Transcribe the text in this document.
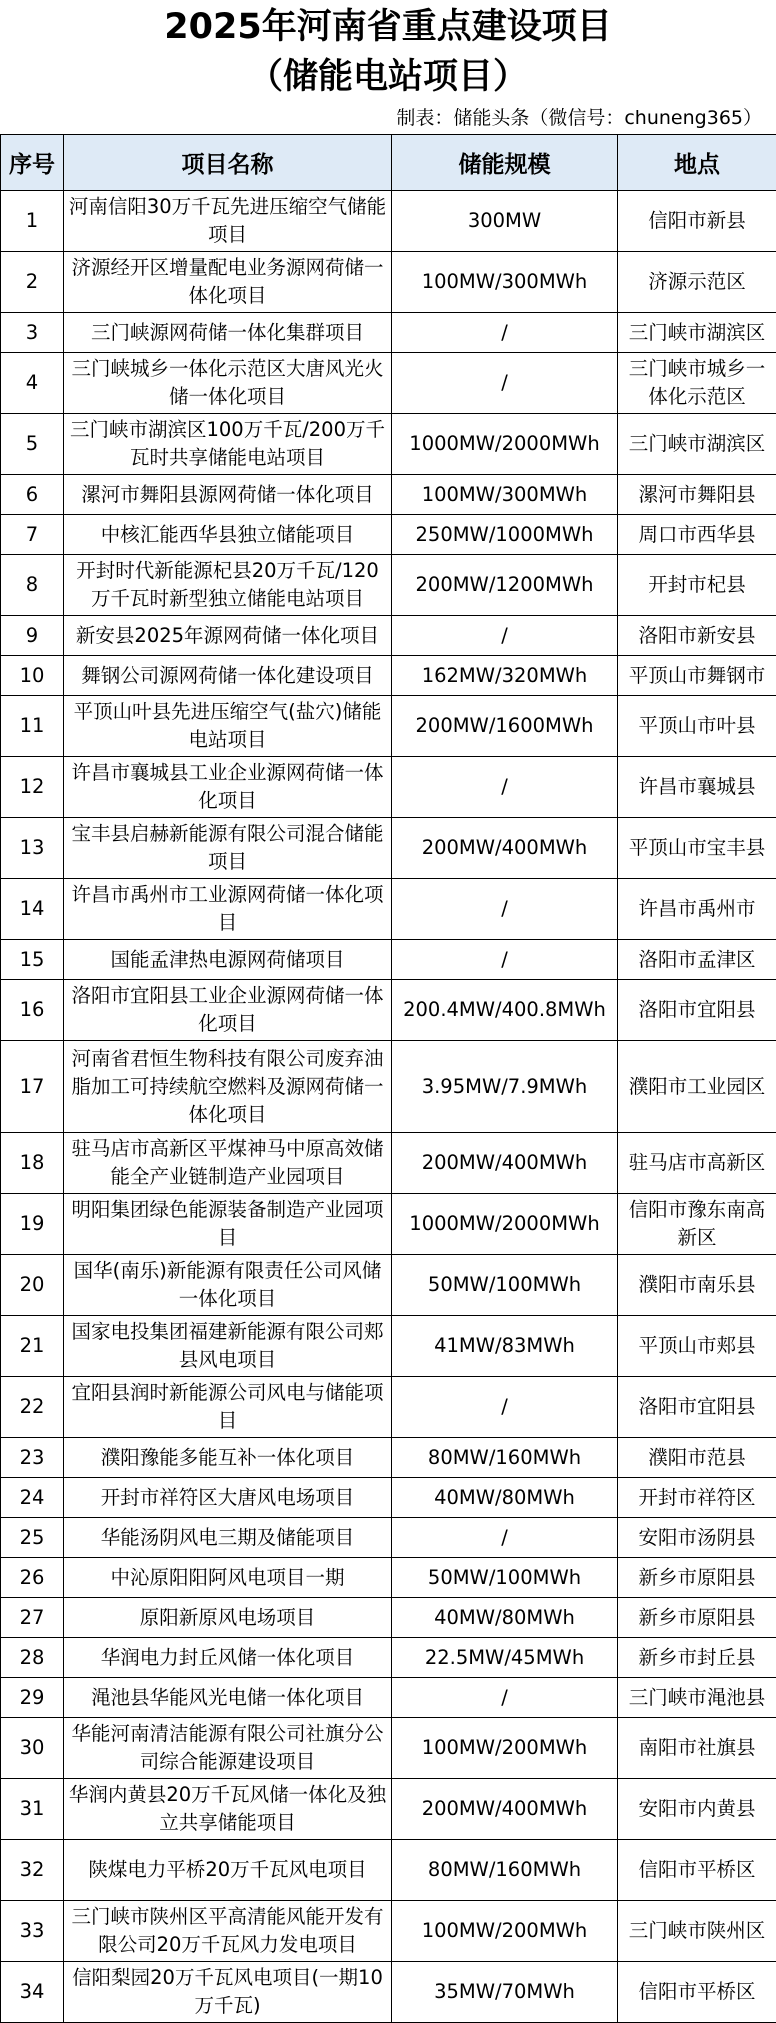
2025年河南省重点建设项目
（储能电站项目）
制表：储能头条（微信号：chuneng365）
序号	项目名称	储能规模	地点
1	河南信阳30万千瓦先进压缩空气储能项目	300MW	信阳市新县
2	济源经开区增量配电业务源网荷储一体化项目	100MW/300MWh	济源示范区
3	三门峡源网荷储一体化集群项目	/	三门峡市湖滨区
4	三门峡城乡一体化示范区大唐风光火储一体化项目	/	三门峡市城乡一体化示范区
5	三门峡市湖滨区100万千瓦/200万千瓦时共享储能电站项目	1000MW/2000MWh	三门峡市湖滨区
6	漯河市舞阳县源网荷储一体化项目	100MW/300MWh	漯河市舞阳县
7	中核汇能西华县独立储能项目	250MW/1000MWh	周口市西华县
8	开封时代新能源杞县20万千瓦/120万千瓦时新型独立储能电站项目	200MW/1200MWh	开封市杞县
9	新安县2025年源网荷储一体化项目	/	洛阳市新安县
10	舞钢公司源网荷储一体化建设项目	162MW/320MWh	平顶山市舞钢市
11	平顶山叶县先进压缩空气(盐穴)储能电站项目	200MW/1600MWh	平顶山市叶县
12	许昌市襄城县工业企业源网荷储一体化项目	/	许昌市襄城县
13	宝丰县启赫新能源有限公司混合储能项目	200MW/400MWh	平顶山市宝丰县
14	许昌市禹州市工业源网荷储一体化项目	/	许昌市禹州市
15	国能孟津热电源网荷储项目	/	洛阳市孟津区
16	洛阳市宜阳县工业企业源网荷储一体化项目	200.4MW/400.8MWh	洛阳市宜阳县
17	河南省君恒生物科技有限公司废弃油脂加工可持续航空燃料及源网荷储一体化项目	3.95MW/7.9MWh	濮阳市工业园区
18	驻马店市高新区平煤神马中原高效储能全产业链制造产业园项目	200MW/400MWh	驻马店市高新区
19	明阳集团绿色能源装备制造产业园项目	1000MW/2000MWh	信阳市豫东南高新区
20	国华(南乐)新能源有限责任公司风储一体化项目	50MW/100MWh	濮阳市南乐县
21	国家电投集团福建新能源有限公司郏县风电项目	41MW/83MWh	平顶山市郏县
22	宜阳县润时新能源公司风电与储能项目	/	洛阳市宜阳县
23	濮阳豫能多能互补一体化项目	80MW/160MWh	濮阳市范县
24	开封市祥符区大唐风电场项目	40MW/80MWh	开封市祥符区
25	华能汤阴风电三期及储能项目	/	安阳市汤阴县
26	中沁原阳阳阿风电项目一期	50MW/100MWh	新乡市原阳县
27	原阳新原风电场项目	40MW/80MWh	新乡市原阳县
28	华润电力封丘风储一体化项目	22.5MW/45MWh	新乡市封丘县
29	渑池县华能风光电储一体化项目	/	三门峡市渑池县
30	华能河南清洁能源有限公司社旗分公司综合能源建设项目	100MW/200MWh	南阳市社旗县
31	华润内黄县20万千瓦风储一体化及独立共享储能项目	200MW/400MWh	安阳市内黄县
32	陕煤电力平桥20万千瓦风电项目	80MW/160MWh	信阳市平桥区
33	三门峡市陕州区平高清能风能开发有限公司20万千瓦风力发电项目	100MW/200MWh	三门峡市陕州区
34	信阳梨园20万千瓦风电项目(一期10万千瓦)	35MW/70MWh	信阳市平桥区
